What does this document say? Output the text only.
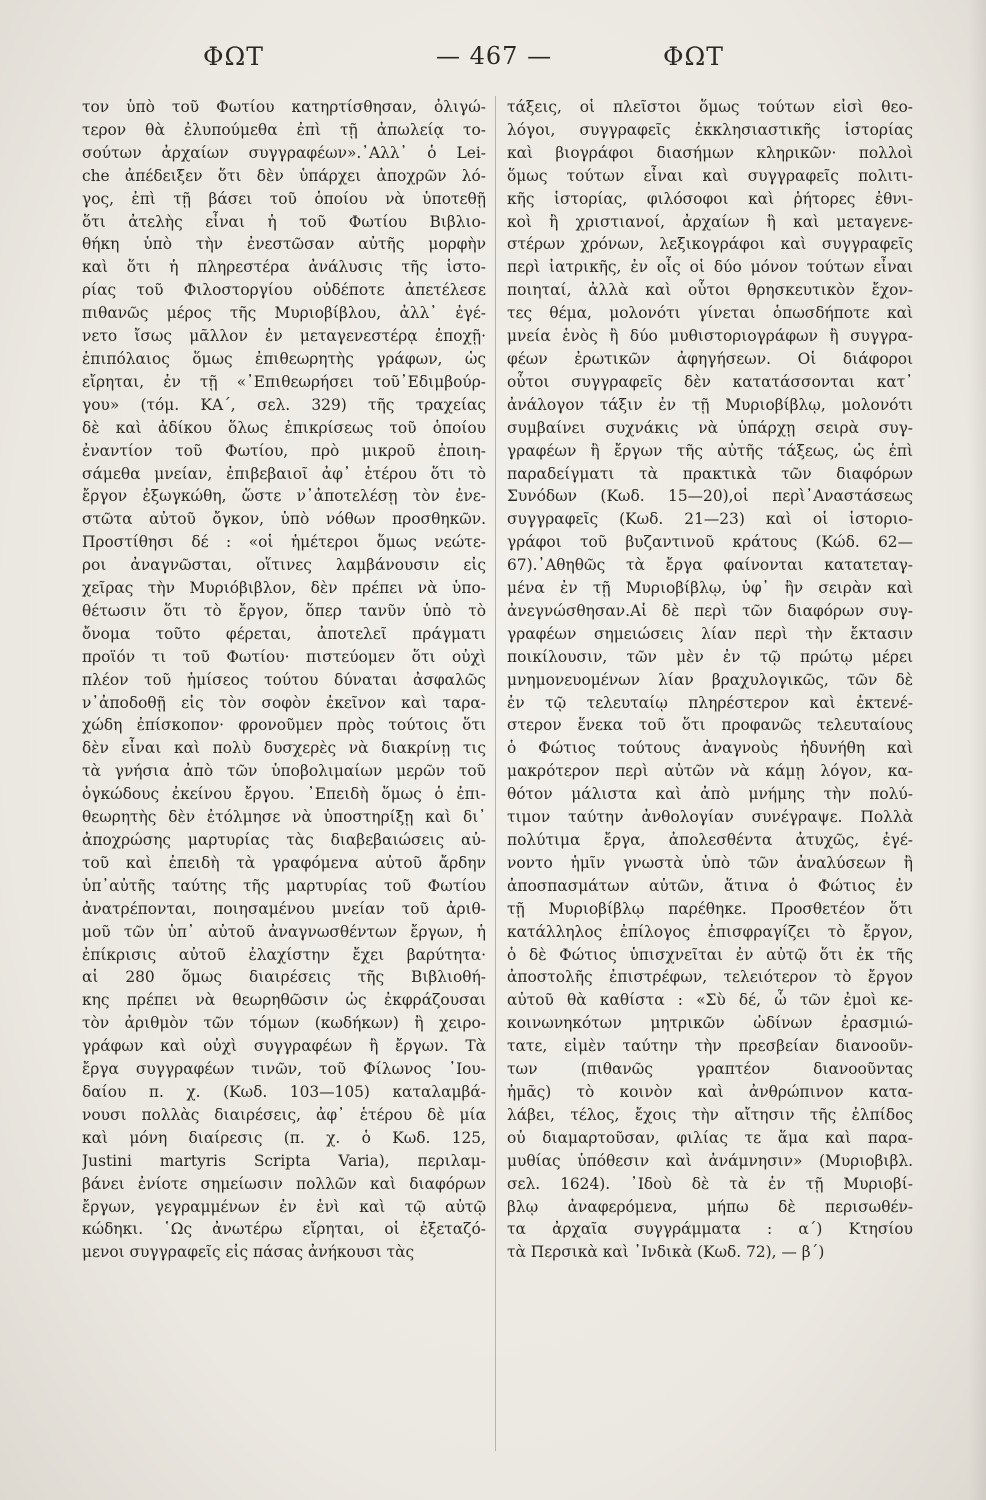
ΦΩΤ	— 467 —	ΦΩΤ
τον ὑπὸ τοῦ Φωτίου κατηρτίσθησαν, ὀλιγώ-
τερον θὰ ἐλυπούμεθα ἐπὶ τῇ ἀπωλείᾳ το-
σούτων ἀρχαίων συγγραφέων».᾿Αλλ᾽ ὁ Lei-
che ἀπέδειξεν ὅτι δὲν ὑπάρχει ἀποχρῶν λό-
γος, ἐπὶ τῇ βάσει τοῦ ὁποίου νὰ ὑποτεθῇ
ὅτι ἀτελὴς εἶναι ἡ τοῦ Φωτίου Βιβλιο-
θήκη ὑπὸ τὴν ἐνεστῶσαν αὐτῆς μορφὴν
καὶ ὅτι ἡ πληρεστέρα ἀνάλυσις τῆς ἱστο-
ρίας τοῦ Φιλοστοργίου οὐδέποτε ἀπετέλεσε
πιθανῶς μέρος τῆς Μυριοβίβλου, ἀλλ᾽ ἐγέ-
νετο ἴσως μᾶλλον ἐν μεταγενεστέρᾳ ἐποχῇ·
ἐπιπόλαιος ὅμως ἐπιθεωρητὴς γράφων, ὡς
εἴρηται, ἐν τῇ «᾿Επιθεωρήσει τοῦ᾿Εδιμβούρ-
γου» (τόμ. ΚΑ΄, σελ. 329) τῆς τραχείας
δὲ καὶ ἀδίκου ὅλως ἐπικρίσεως τοῦ ὁποίου
ἐναντίον τοῦ Φωτίου, πρὸ μικροῦ ἐποιη-
σάμεθα μνείαν, ἐπιβεβαιοῖ ἀφ᾽ ἑτέρου ὅτι τὸ
ἔργον ἐξωγκώθη, ὥστε ν᾽ἀποτελέσῃ τὸν ἐνε-
στῶτα αὐτοῦ ὄγκον, ὑπὸ νόθων προσθηκῶν.
Προστίθησι δέ : «οἱ ἡμέτεροι ὅμως νεώτε-
ροι ἀναγνῶσται, οἵτινες λαμβάνουσιν εἰς
χεῖρας τὴν Μυριόβιβλον, δὲν πρέπει νὰ ὑπο-
θέτωσιν ὅτι τὸ ἔργον, ὅπερ τανῦν ὑπὸ τὸ
ὄνομα τοῦτο φέρεται, ἀποτελεῖ πράγματι
προϊόν τι τοῦ Φωτίου· πιστεύομεν ὅτι οὐχὶ
πλέον τοῦ ἡμίσεος τούτου δύναται ἀσφαλῶς
ν᾽ἀποδοθῇ εἰς τὸν σοφὸν ἐκεῖνον καὶ ταρα-
χώδη ἐπίσκοπον· φρονοῦμεν πρὸς τούτοις ὅτι
δὲν εἶναι καὶ πολὺ δυσχερὲς νὰ διακρίνῃ τις
τὰ γνήσια ἀπὸ τῶν ὑποβολιμαίων μερῶν τοῦ
ὀγκώδους ἐκείνου ἔργου. ᾿Επειδὴ ὅμως ὁ ἐπι-
θεωρητὴς δὲν ἐτόλμησε νὰ ὑποστηρίξῃ καὶ δι᾽
ἀποχρώσης μαρτυρίας τὰς διαβεβαιώσεις αὐ-
τοῦ καὶ ἐπειδὴ τὰ γραφόμενα αὐτοῦ ἄρδην
ὑπ᾽αὐτῆς ταύτης τῆς μαρτυρίας τοῦ Φωτίου
ἀνατρέπονται, ποιησαμένου μνείαν τοῦ ἀριθ-
μοῦ τῶν ὑπ᾽ αὐτοῦ ἀναγνωσθέντων ἔργων, ἡ
ἐπίκρισις αὐτοῦ ἐλαχίστην ἔχει βαρύτητα·
αἱ 280 ὅμως διαιρέσεις τῆς Βιβλιοθή-
κης πρέπει νὰ θεωρηθῶσιν ὡς ἐκφράζουσαι
τὸν ἀριθμὸν τῶν τόμων (κωδήκων) ἢ χειρο-
γράφων καὶ οὐχὶ συγγραφέων ἢ ἔργων. Τὰ
ἔργα συγγραφέων τινῶν, τοῦ Φίλωνος ᾿Ιου-
δαίου π. χ. (Κωδ. 103—105) καταλαμβά-
νουσι πολλὰς διαιρέσεις, ἀφ᾽ ἑτέρου δὲ μία
καὶ μόνη διαίρεσις (π. χ. ὁ Κωδ. 125,
Justini martyris Scripta Varia), περιλαμ-
βάνει ἐνίοτε σημείωσιν πολλῶν καὶ διαφόρων
ἔργων, γεγραμμένων ἐν ἑνὶ καὶ τῷ αὐτῷ
κώδηκι. ῾Ως ἀνωτέρω εἴρηται, οἱ ἐξεταζό-
μενοι συγγραφεῖς εἰς πάσας ἀνήκουσι τὰς
τάξεις, οἱ πλεῖστοι ὅμως τούτων εἰσὶ θεο-
λόγοι, συγγραφεῖς ἐκκλησιαστικῆς ἱστορίας
καὶ βιογράφοι διασήμων κληρικῶν· πολλοὶ
ὅμως τούτων εἶναι καὶ συγγραφεῖς πολιτι-
κῆς ἱστορίας, φιλόσοφοι καὶ ῥήτορες ἐθνι-
κοὶ ἢ χριστιανοί, ἀρχαίων ἢ καὶ μεταγενε-
στέρων χρόνων, λεξικογράφοι καὶ συγγραφεῖς
περὶ ἰατρικῆς, ἐν οἷς οἱ δύο μόνον τούτων εἶναι
ποιηταί, ἀλλὰ καὶ οὗτοι θρησκευτικὸν ἔχον-
τες θέμα, μολονότι γίνεται ὁπωσδήποτε καὶ
μνεία ἑνὸς ἢ δύο μυθιστοριογράφων ἢ συγγρα-
φέων ἐρωτικῶν ἀφηγήσεων. Οἱ διάφοροι
οὗτοι συγγραφεῖς δὲν κατατάσσονται κατ᾽
ἀνάλογον τάξιν ἐν τῇ Μυριοβίβλῳ, μολονότι
συμβαίνει συχνάκις νὰ ὑπάρχῃ σειρὰ συγ-
γραφέων ἢ ἔργων τῆς αὐτῆς τάξεως, ὡς ἐπὶ
παραδείγματι τὰ πρακτικὰ τῶν διαφόρων
Συνόδων (Κωδ. 15—20),οἱ περὶ᾿Αναστάσεως
συγγραφεῖς (Κωδ. 21—23) καὶ οἱ ἱστοριο-
γράφοι τοῦ βυζαντινοῦ κράτους (Κώδ. 62—
67).᾿Αθηθῶς τὰ ἔργα φαίνονται κατατεταγ-
μένα ἐν τῇ Μυριοβίβλῳ, ὑφ᾽ ἣν σειρὰν καὶ
ἀνεγνώσθησαν.Αἱ δὲ περὶ τῶν διαφόρων συγ-
γραφέων σημειώσεις λίαν περὶ τὴν ἔκτασιν
ποικίλουσιν, τῶν μὲν ἐν τῷ πρώτῳ μέρει
μνημονευομένων λίαν βραχυλογικῶς, τῶν δὲ
ἐν τῷ τελευταίῳ πληρέστερον καὶ ἐκτενέ-
στερον ἕνεκα τοῦ ὅτι προφανῶς τελευταίους
ὁ Φώτιος τούτους ἀναγνοὺς ἠδυνήθη καὶ
μακρότερον περὶ αὐτῶν νὰ κάμῃ λόγον, κα-
θότον μάλιστα καὶ ἀπὸ μνήμης τὴν πολύ-
τιμον ταύτην ἀνθολογίαν συνέγραψε. Πολλὰ
πολύτιμα ἔργα, ἀπολεσθέντα ἀτυχῶς, ἐγέ-
νοντο ἡμῖν γνωστὰ ὑπὸ τῶν ἀναλύσεων ἢ
ἀποσπασμάτων αὐτῶν, ἅτινα ὁ Φώτιος ἐν
τῇ Μυριοβίβλῳ παρέθηκε. Προσθετέον ὅτι
κατάλληλος ἐπίλογος ἐπισφραγίζει τὸ ἔργον,
ὁ δὲ Φώτιος ὑπισχνεῖται ἐν αὐτῷ ὅτι ἐκ τῆς
ἀποστολῆς ἐπιστρέφων, τελειότερον τὸ ἔργον
αὐτοῦ θὰ καθίστα : «Σὺ δέ, ὦ τῶν ἐμοὶ κε-
κοινωνηκότων μητρικῶν ὠδίνων ἐρασμιώ-
τατε, εἰμὲν ταύτην τὴν πρεσβείαν διανοοῦν-
των (πιθανῶς γραπτέον διανοοῦντας
ἡμᾶς) τὸ κοινὸν καὶ ἀνθρώπινον κατα-
λάβει, τέλος, ἔχοις τὴν αἴτησιν τῆς ἐλπίδος
οὐ διαμαρτοῦσαν, φιλίας τε ἅμα καὶ παρα-
μυθίας ὑπόθεσιν καὶ ἀνάμνησιν» (Μυριοβιβλ.
σελ. 1624). ᾿Ιδοὺ δὲ τὰ ἐν τῇ Μυριοβί-
βλῳ ἀναφερόμενα, μήπω δὲ περισωθέν-
τα ἀρχαῖα συγγράμματα : α΄) Κτησίου
τὰ Περσικὰ καὶ ᾿Ινδικὰ (Κωδ. 72), — β΄)
